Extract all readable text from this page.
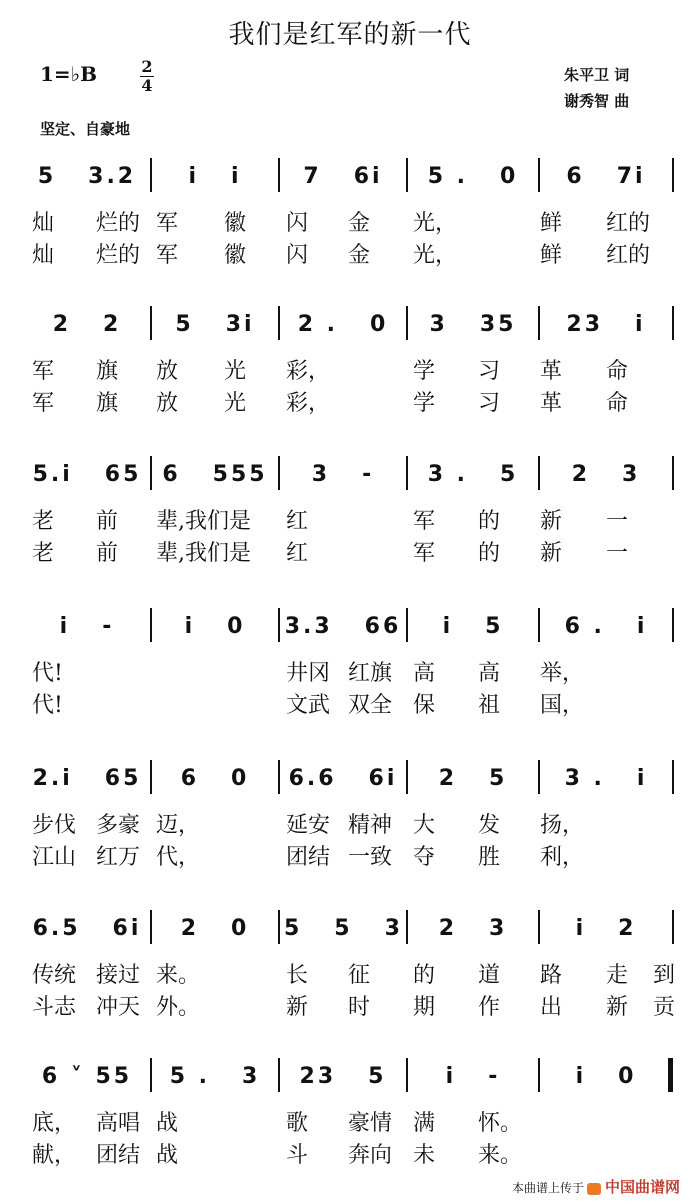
我们是红军的新一代
1=♭B	2
4
朱平卫 词
谢秀智 曲
坚定、自豪地
5   3.2 i   i	7   6i 5 .   0 6   7i
灿 烂的 军 徽 闪 金 光，	鲜 红的
灿 烂的 军 徽 闪 金 光，	鲜 红的
2   2 5   3i 2 .   0 3   35 23   i
军 旗 放 光 彩，	学 习 革 命
军 旗 放 光 彩，	学 习 革 命
5.i   65 6   555 3   - 3 .   5 2   3
老 前 辈,我们是 红	军 的 新 一
老 前 辈,我们是 红	军 的 新 一
i   -	i   0 3.3   66 i   5	6 .   i
代!	井冈 红旗 高 高 举，
代!	文武 双全 保 祖 国，
2.i   65 6   0 6.6   6i 2   5	3 .   i
步伐 多豪 迈，	延安 精神 大 发 扬，
江山 红万 代，	团结 一致 夺 胜 利，
6.5   6i 2   0 5   5   3 2   3	i   2
传统 接过 来。	长 征 的 道 路 走 到
斗志 冲天 外。	新 时 期 作 出 新 贡
6 ˅ 55 5 .   3 23   5	i   -	i   0
底， 高唱 战	歌 豪情 满 怀。
献， 团结 战	斗 奔向 未 来。
本曲谱上传于 中国曲谱网
